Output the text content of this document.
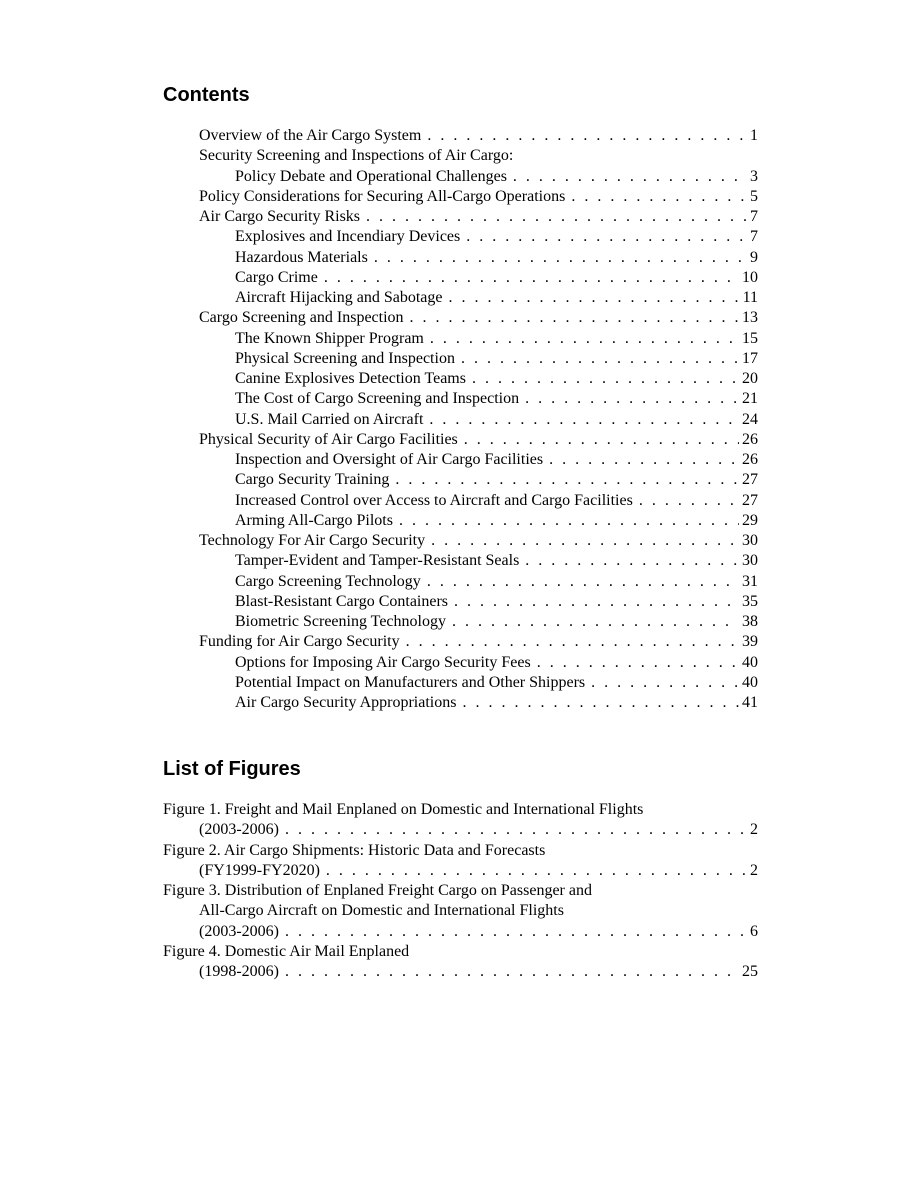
Contents
Overview of the Air Cargo System . . .	1
Security Screening and Inspections of Air Cargo:
Policy Debate and Operational Challenges . . .	3
Policy Considerations for Securing All-Cargo Operations . . .	5
Air Cargo Security Risks . . .	7
Explosives and Incendiary Devices . . .	7
Hazardous Materials . . .	9
Cargo Crime . . .	10
Aircraft Hijacking and Sabotage . . .	11
Cargo Screening and Inspection . . .	13
The Known Shipper Program . . .	15
Physical Screening and Inspection . . .	17
Canine Explosives Detection Teams . . .	20
The Cost of Cargo Screening and Inspection . . .	21
U.S. Mail Carried on Aircraft . . .	24
Physical Security of Air Cargo Facilities . . .	26
Inspection and Oversight of Air Cargo Facilities . . .	26
Cargo Security Training . . .	27
Increased Control over Access to Aircraft and Cargo Facilities . . .	27
Arming All-Cargo Pilots . . .	29
Technology For Air Cargo Security . . .	30
Tamper-Evident and Tamper-Resistant Seals . . .	30
Cargo Screening Technology . . .	31
Blast-Resistant Cargo Containers . . .	35
Biometric Screening Technology . . .	38
Funding for Air Cargo Security . . .	39
Options for Imposing Air Cargo Security Fees . . .	40
Potential Impact on Manufacturers and Other Shippers . . .	40
Air Cargo Security Appropriations . . .	41
List of Figures
Figure 1. Freight and Mail Enplaned on Domestic and International Flights
(2003-2006) . . .	2
Figure 2. Air Cargo Shipments: Historic Data and Forecasts
(FY1999-FY2020) . . .	2
Figure 3. Distribution of Enplaned Freight Cargo on Passenger and
All-Cargo Aircraft on Domestic and International Flights
(2003-2006) . . .	6
Figure 4. Domestic Air Mail Enplaned
(1998-2006) . . .	25
